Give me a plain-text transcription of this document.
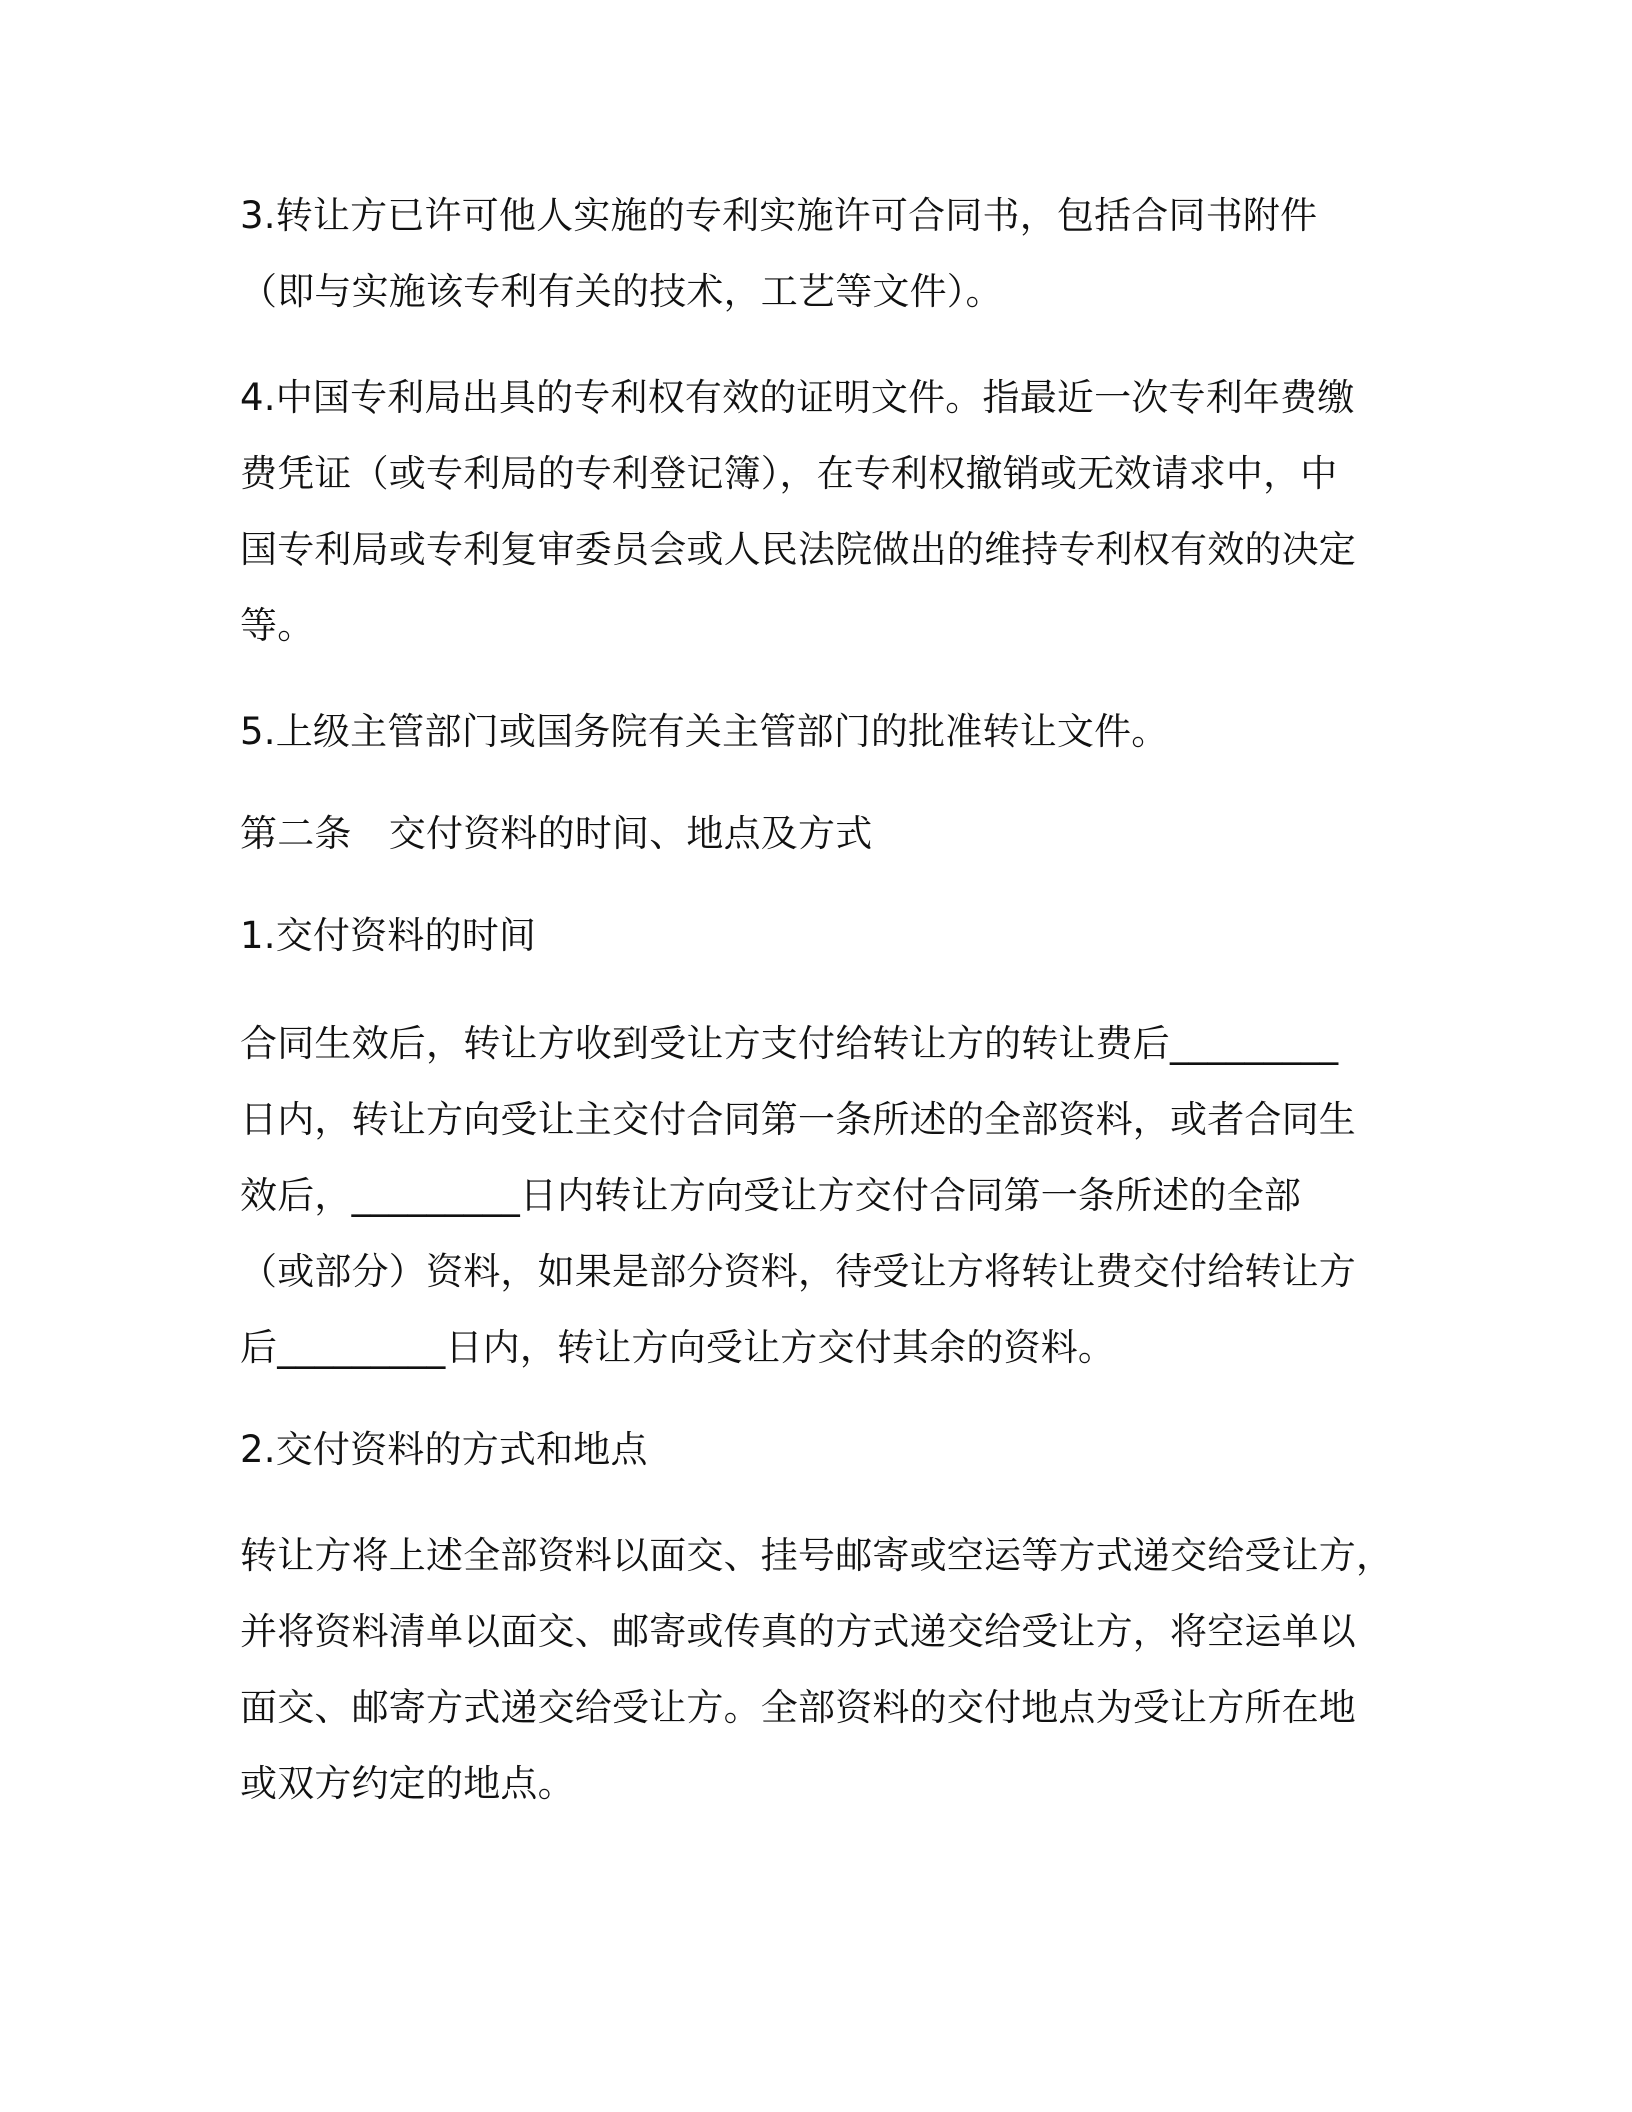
3.转让方已许可他人实施的专利实施许可合同书，包括合同书附件

（即与实施该专利有关的技术，工艺等文件）。

4.中国专利局出具的专利权有效的证明文件。指最近一次专利年费缴

费凭证（或专利局的专利登记簿），在专利权撤销或无效请求中，中

国专利局或专利复审委员会或人民法院做出的维持专利权有效的决定

等。

5.上级主管部门或国务院有关主管部门的批准转让文件。

第二条　交付资料的时间、地点及方式

1.交付资料的时间

合同生效后，转让方收到受让方支付给转让方的转让费后_________

日内，转让方向受让主交付合同第一条所述的全部资料，或者合同生

效后，_________日内转让方向受让方交付合同第一条所述的全部

（或部分）资料，如果是部分资料，待受让方将转让费交付给转让方

后_________日内，转让方向受让方交付其余的资料。

2.交付资料的方式和地点

转让方将上述全部资料以面交、挂号邮寄或空运等方式递交给受让方，

并将资料清单以面交、邮寄或传真的方式递交给受让方，将空运单以

面交、邮寄方式递交给受让方。全部资料的交付地点为受让方所在地

或双方约定的地点。
